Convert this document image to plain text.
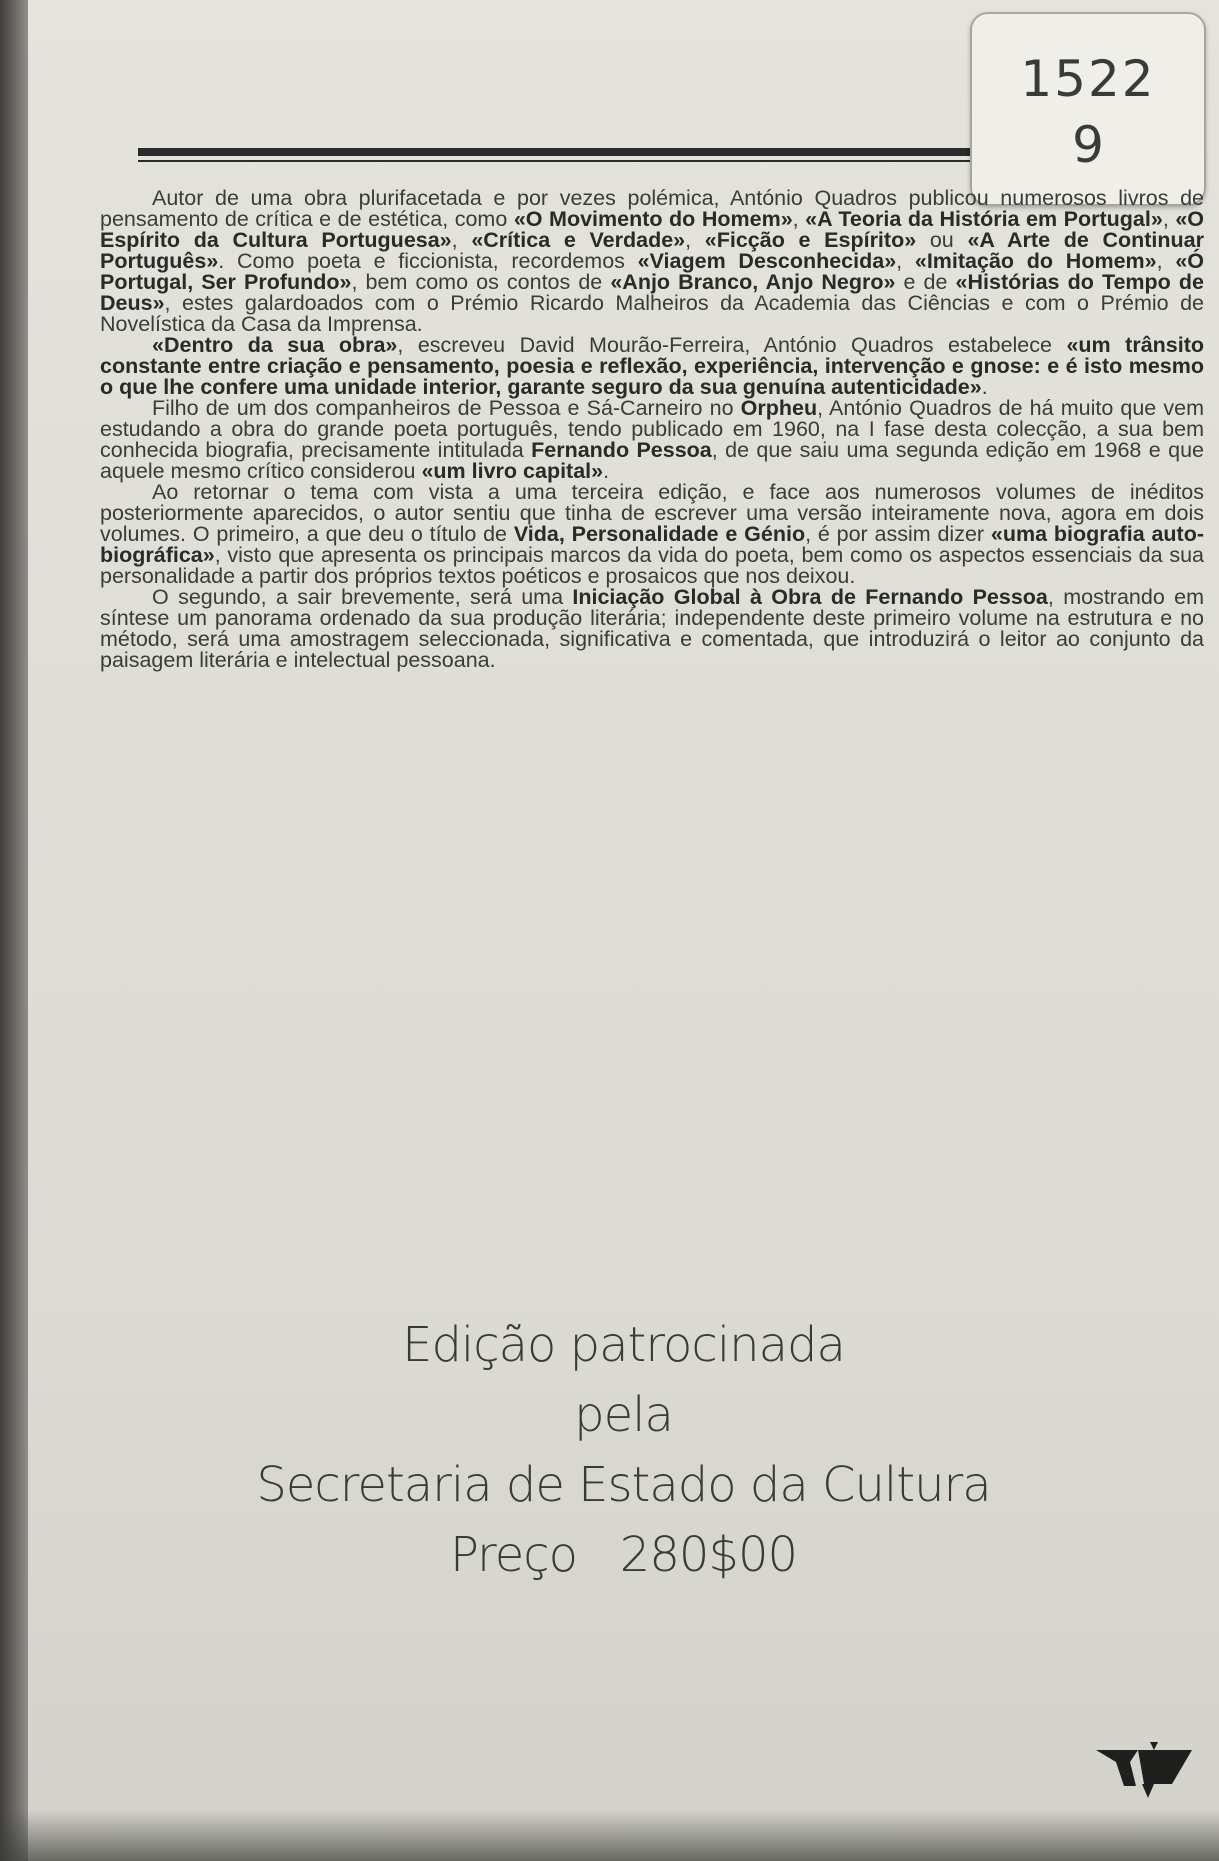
1522
9

Autor de uma obra plurifacetada e por vezes polémica, António Quadros publicou numerosos livros de pensamento de crítica e de estética, como «O Movimento do Homem», «A Teoria da História em Portugal», «O Espírito da Cultura Portuguesa», «Crítica e Verdade», «Ficção e Espírito» ou «A Arte de Continuar Português». Como poeta e ficcionista, recordemos «Viagem Desconhecida», «Imitação do Homem», «Ó Portugal, Ser Profundo», bem como os contos de «Anjo Branco, Anjo Negro» e de «Histórias do Tempo de Deus», estes galardoados com o Prémio Ricardo Malheiros da Academia das Ciências e com o Prémio de Novelística da Casa da Imprensa.

«Dentro da sua obra», escreveu David Mourão-Ferreira, António Quadros estabelece «um trânsito constante entre criação e pensamento, poesia e reflexão, experiência, intervenção e gnose: e é isto mesmo o que lhe confere uma unidade interior, garante seguro da sua genuína autenticidade».

Filho de um dos companheiros de Pessoa e Sá-Carneiro no Orpheu, António Quadros de há muito que vem estudando a obra do grande poeta português, tendo publicado em 1960, na I fase desta colecção, a sua bem conhecida biografia, precisamente intitulada Fernando Pessoa, de que saiu uma segunda edição em 1968 e que aquele mesmo crítico considerou «um livro capital».

Ao retornar o tema com vista a uma terceira edição, e face aos numerosos volumes de inéditos posteriormente aparecidos, o autor sentiu que tinha de escrever uma versão inteiramente nova, agora em dois volumes. O primeiro, a que deu o título de Vida, Personalidade e Génio, é por assim dizer «uma biografia auto-biográfica», visto que apresenta os principais marcos da vida do poeta, bem como os aspectos essenciais da sua personalidade a partir dos próprios textos poéticos e prosaicos que nos deixou.

O segundo, a sair brevemente, será uma Iniciação Global à Obra de Fernando Pessoa, mostrando em síntese um panorama ordenado da sua produção literária; independente deste primeiro volume na estrutura e no método, será uma amostragem seleccionada, significativa e comentada, que introduzirá o leitor ao conjunto da paisagem literária e intelectual pessoana.

Edição patrocinada
pela
Secretaria de Estado da Cultura
Preço   280$00
